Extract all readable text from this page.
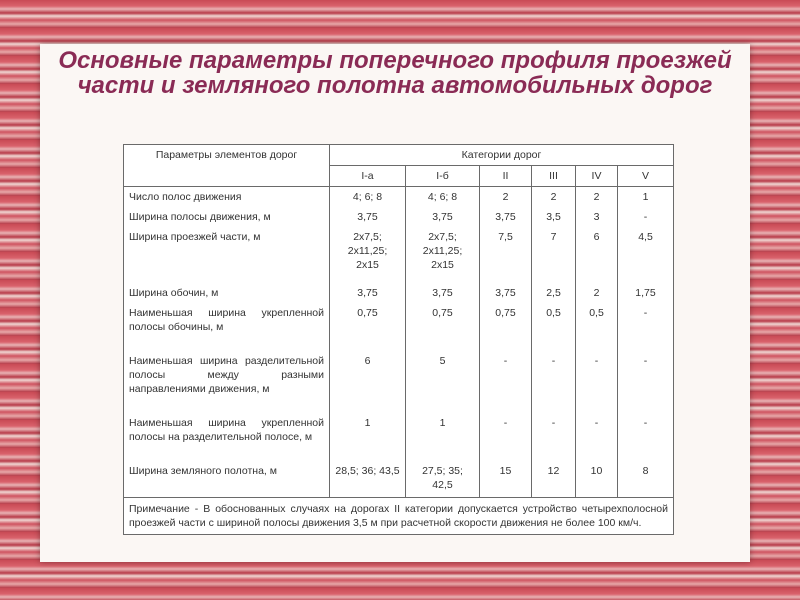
Основные параметры поперечного профиля проезжей части и земляного полотна автомобильных дорог
Параметры элементов дорог	Категории дорог					
	I-а	I-б	II	III	IV	V
Число полос движения	4; 6; 8	4; 6; 8	2	2	2	1
Ширина полосы движения, м	3,75	3,75	3,75	3,5	3	-
Ширина проезжей части, м	2x7,5; 2x11,25; 2x15	2x7,5; 2x11,25; 2x15	7,5	7	6	4,5
Ширина обочин, м	3,75	3,75	3,75	2,5	2	1,75
Наименьшая ширина укрепленной полосы обочины, м	0,75	0,75	0,75	0,5	0,5	-
Наименьшая ширина разделительной полосы между разными направлениями движения, м	6	5	-	-	-	-
Наименьшая ширина укрепленной полосы на разделительной полосе, м	1	1	-	-	-	-
Ширина земляного полотна, м	28,5; 36; 43,5	27,5; 35; 42,5	15	12	10	8
Примечание - В обоснованных случаях на дорогах II категории допускается устройство четырехполосной проезжей части с шириной полосы движения 3,5 м при расчетной скорости движения не более 100 км/ч.						
